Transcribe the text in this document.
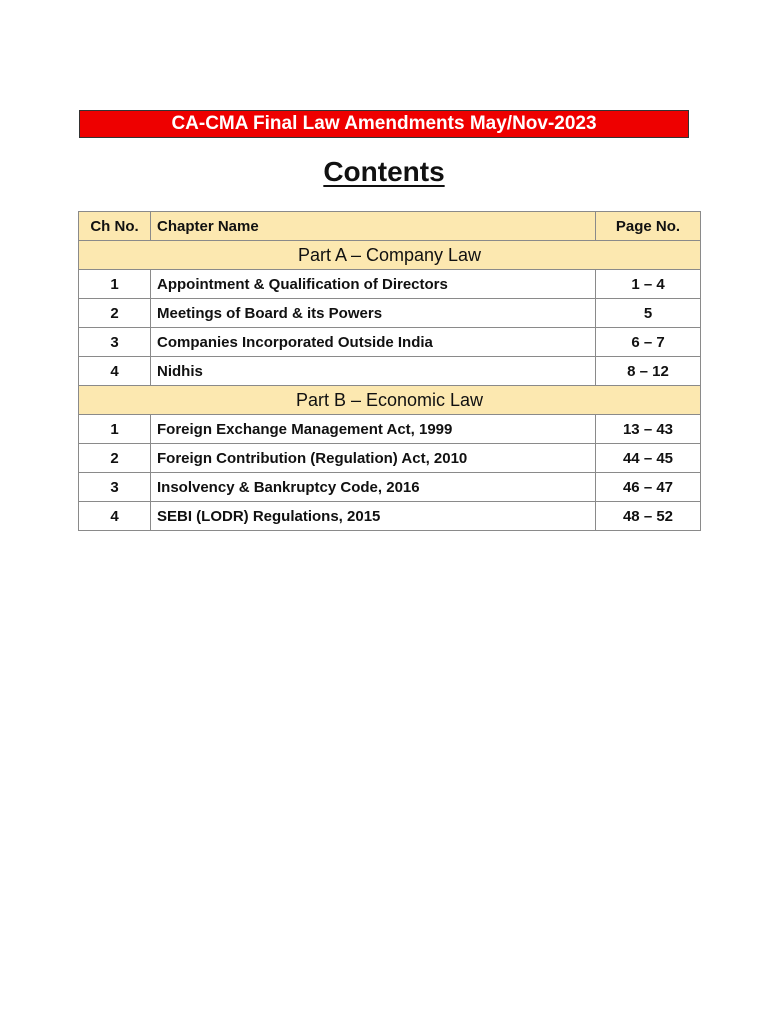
CA-CMA Final Law Amendments May/Nov-2023
Contents
Ch No.	Chapter Name	Page No.
Part A – Company Law		
1	Appointment & Qualification of Directors	1 – 4
2	Meetings of Board & its Powers	5
3	Companies Incorporated Outside India	6 – 7
4	Nidhis	8 – 12
Part B – Economic Law		
1	Foreign Exchange Management Act, 1999	13 – 43
2	Foreign Contribution (Regulation) Act, 2010	44 – 45
3	Insolvency & Bankruptcy Code, 2016	46 – 47
4	SEBI (LODR) Regulations, 2015	48 – 52
